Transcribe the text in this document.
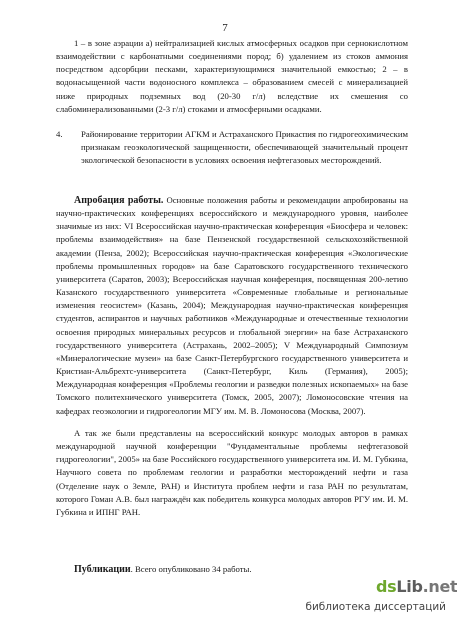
7
1 – в зоне аэрации а) нейтрализацией кислых атмосферных осадков при сернокислотном взаимодействии с карбонатными соединениями пород; б) удалением из стоков аммония посредством адсорбции песками, характеризующимися значительной емкостью; 2 – в водонасыщенной части водоносного комплекса – образованием смесей с минерализацией ниже природных подземных вод (20-30 г/л) вследствие их смешения со слабоминерализованными (2-3 г/л) стоками и атмосферными осадками.
4.	Районирование территории АГКМ и Астраханского Прикаспия по гидрогеохимическим признакам геоэкологической защищенности, обеспечивающей значительный процент экологической безопасности в условиях освоения нефтегазовых месторождений.
Апробация работы. Основные положения работы и рекомендации апробированы на научно-практических конференциях всероссийского и международного уровня, наиболее значимые из них: VI Всероссийская научно-практическая конференция «Биосфера и человек: проблемы взаимодействия» на базе Пензенской государственной сельскохозяйственной академии (Пенза, 2002); Всероссийская научно-практическая конференция «Экологические проблемы промышленных городов» на базе Саратовского государственного технического университета (Саратов, 2003); Всероссийская научная конференция, посвященная 200-летию Казанского государственного университета «Современные глобальные и региональные изменения геосистем» (Казань, 2004); Международная научно-практическая конференция студентов, аспирантов и научных работников «Международные и отечественные технологии освоения природных минеральных ресурсов и глобальной энергии» на базе Астраханского государственного университета (Астрахань, 2002–2005); V Международный Симпозиум «Минералогические музеи» на базе Санкт-Петербургского государственного университета и Кристиан-Альбрехтс-университета (Санкт-Петербург, Киль (Германия), 2005); Международная конференция «Проблемы геологии и разведки полезных ископаемых» на базе Томского политехнического университета (Томск, 2005, 2007); Ломоносовские чтения на кафедрах геоэкологии и гидрогеологии МГУ им. М. В. Ломоносова (Москва, 2007).
А так же были представлены на всероссийский конкурс молодых авторов в рамках международной научной конференции "Фундаментальные проблемы нефтегазовой гидрогеологии", 2005» на базе Российского государственного университета им. И. М. Губкина, Научного совета по проблемам геологии и разработки месторождений нефти и газа (Отделение наук о Земле, РАН) и Института проблем нефти и газа РАН по результатам, которого Гоман А.В. был награждён как победитель конкурса молодых авторов РГУ им. И. М. Губкина и ИПНГ РАН.
Публикации. Всего опубликовано 34 работы.
dsLib.net
библиотека диссертаций
